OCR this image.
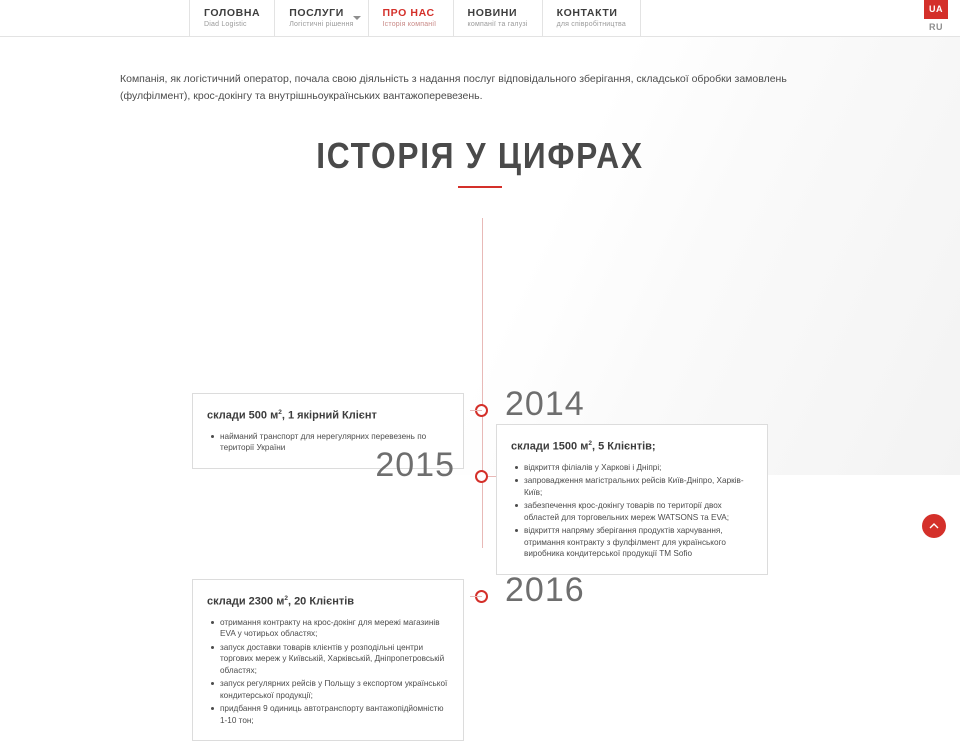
ГОЛОВНА
Diad Logistic
ПОСЛУГИ
Логістичні рішення
ПРО НАС
Історія компанії
НОВИНИ
компанії та галузі
КОНТАКТИ
для співробітництва
UA
RU

Компанія, як логістичний оператор, почала свою діяльність з надання послуг відповідального зберігання, складської обробки замовлень (фулфілмент), крос-докінгу та внутрішньоукраїнських вантажоперевезень.

ІСТОРІЯ У ЦИФРАХ
2014
склади 500 $м^2$, 1 якірний Клієнт
найманий транспорт для нерегулярних перевезень по території України	2015	склади 1500 $м^2$, 5 Клієнтів;
відкриття філіалів у Харкові і Дніпрі;
запровадження магістральних рейсів Київ-Дніпро, Харків-Київ;
забезпечення крос-докінгу товарів по території двох областей для торговельних мереж WATSONS та EVA;
відкриття напряму зберігання продуктів харчування, отримання контракту з фулфілмент для українського виробника кондитерської продукції ТМ Sofio
2016
склади 2300 $м^2$, 20 Клієнтів
отримання контракту на крос-докінг для мережі магазинів EVA у чотирьох областях;
запуск доставки товарів клієнтів у розподільні центри торгових мереж у Київській, Харківській, Дніпропетровській областях;
запуск регулярних рейсів у Польщу з експортом української кондитерської продукції;
придбання 9 одиниць автотранспорту вантажопідйомністю 1-10 тон;
